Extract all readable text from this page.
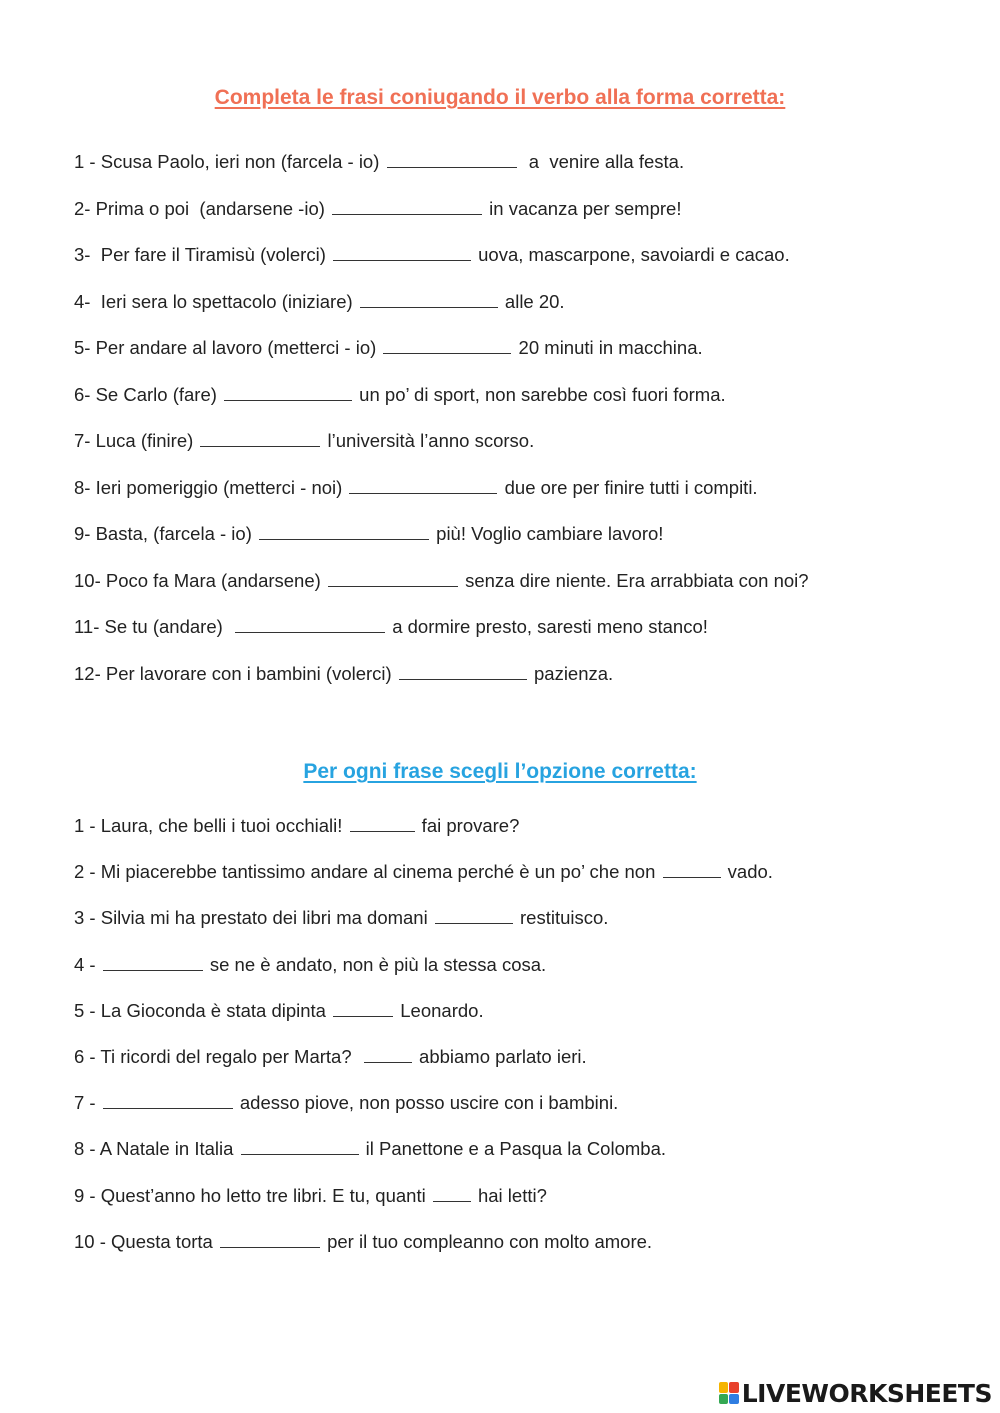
Completa le frasi coniugando il verbo alla forma corretta:
1 - Scusa Paolo, ieri non (farcela - io)	a  venire alla festa.
2- Prima o poi  (andarsene -io)	in vacanza per sempre!
3-  Per fare il Tiramisù (volerci)	uova, mascarpone, savoiardi e cacao.
4-  Ieri sera lo spettacolo (iniziare)	alle 20.
5- Per andare al lavoro (metterci - io)	20 minuti in macchina.
6- Se Carlo (fare)	un po’ di sport, non sarebbe così fuori forma.
7- Luca (finire)	l’università l’anno scorso.
8- Ieri pomeriggio (metterci - noi)	due ore per finire tutti i compiti.
9- Basta, (farcela - io)	più! Voglio cambiare lavoro!
10- Poco fa Mara (andarsene)	senza dire niente. Era arrabbiata con noi?
11- Se tu (andare)	a dormire presto, saresti meno stanco!
12- Per lavorare con i bambini (volerci)	pazienza.
Per ogni frase scegli l’opzione corretta:
1 - Laura, che belli i tuoi occhiali!	fai provare?
2 - Mi piacerebbe tantissimo andare al cinema perché è un po’ che non	vado.
3 - Silvia mi ha prestato dei libri ma domani	restituisco.
4 -	se ne è andato, non è più la stessa cosa.
5 - La Gioconda è stata dipinta	Leonardo.
6 - Ti ricordi del regalo per Marta?	abbiamo parlato ieri.
7 -	adesso piove, non posso uscire con i bambini.
8 - A Natale in Italia	il Panettone e a Pasqua la Colomba.
9 - Quest’anno ho letto tre libri. E tu, quanti  hai letti?
10 - Questa torta	per il tuo compleanno con molto amore.
LIVEWORKSHEETS
